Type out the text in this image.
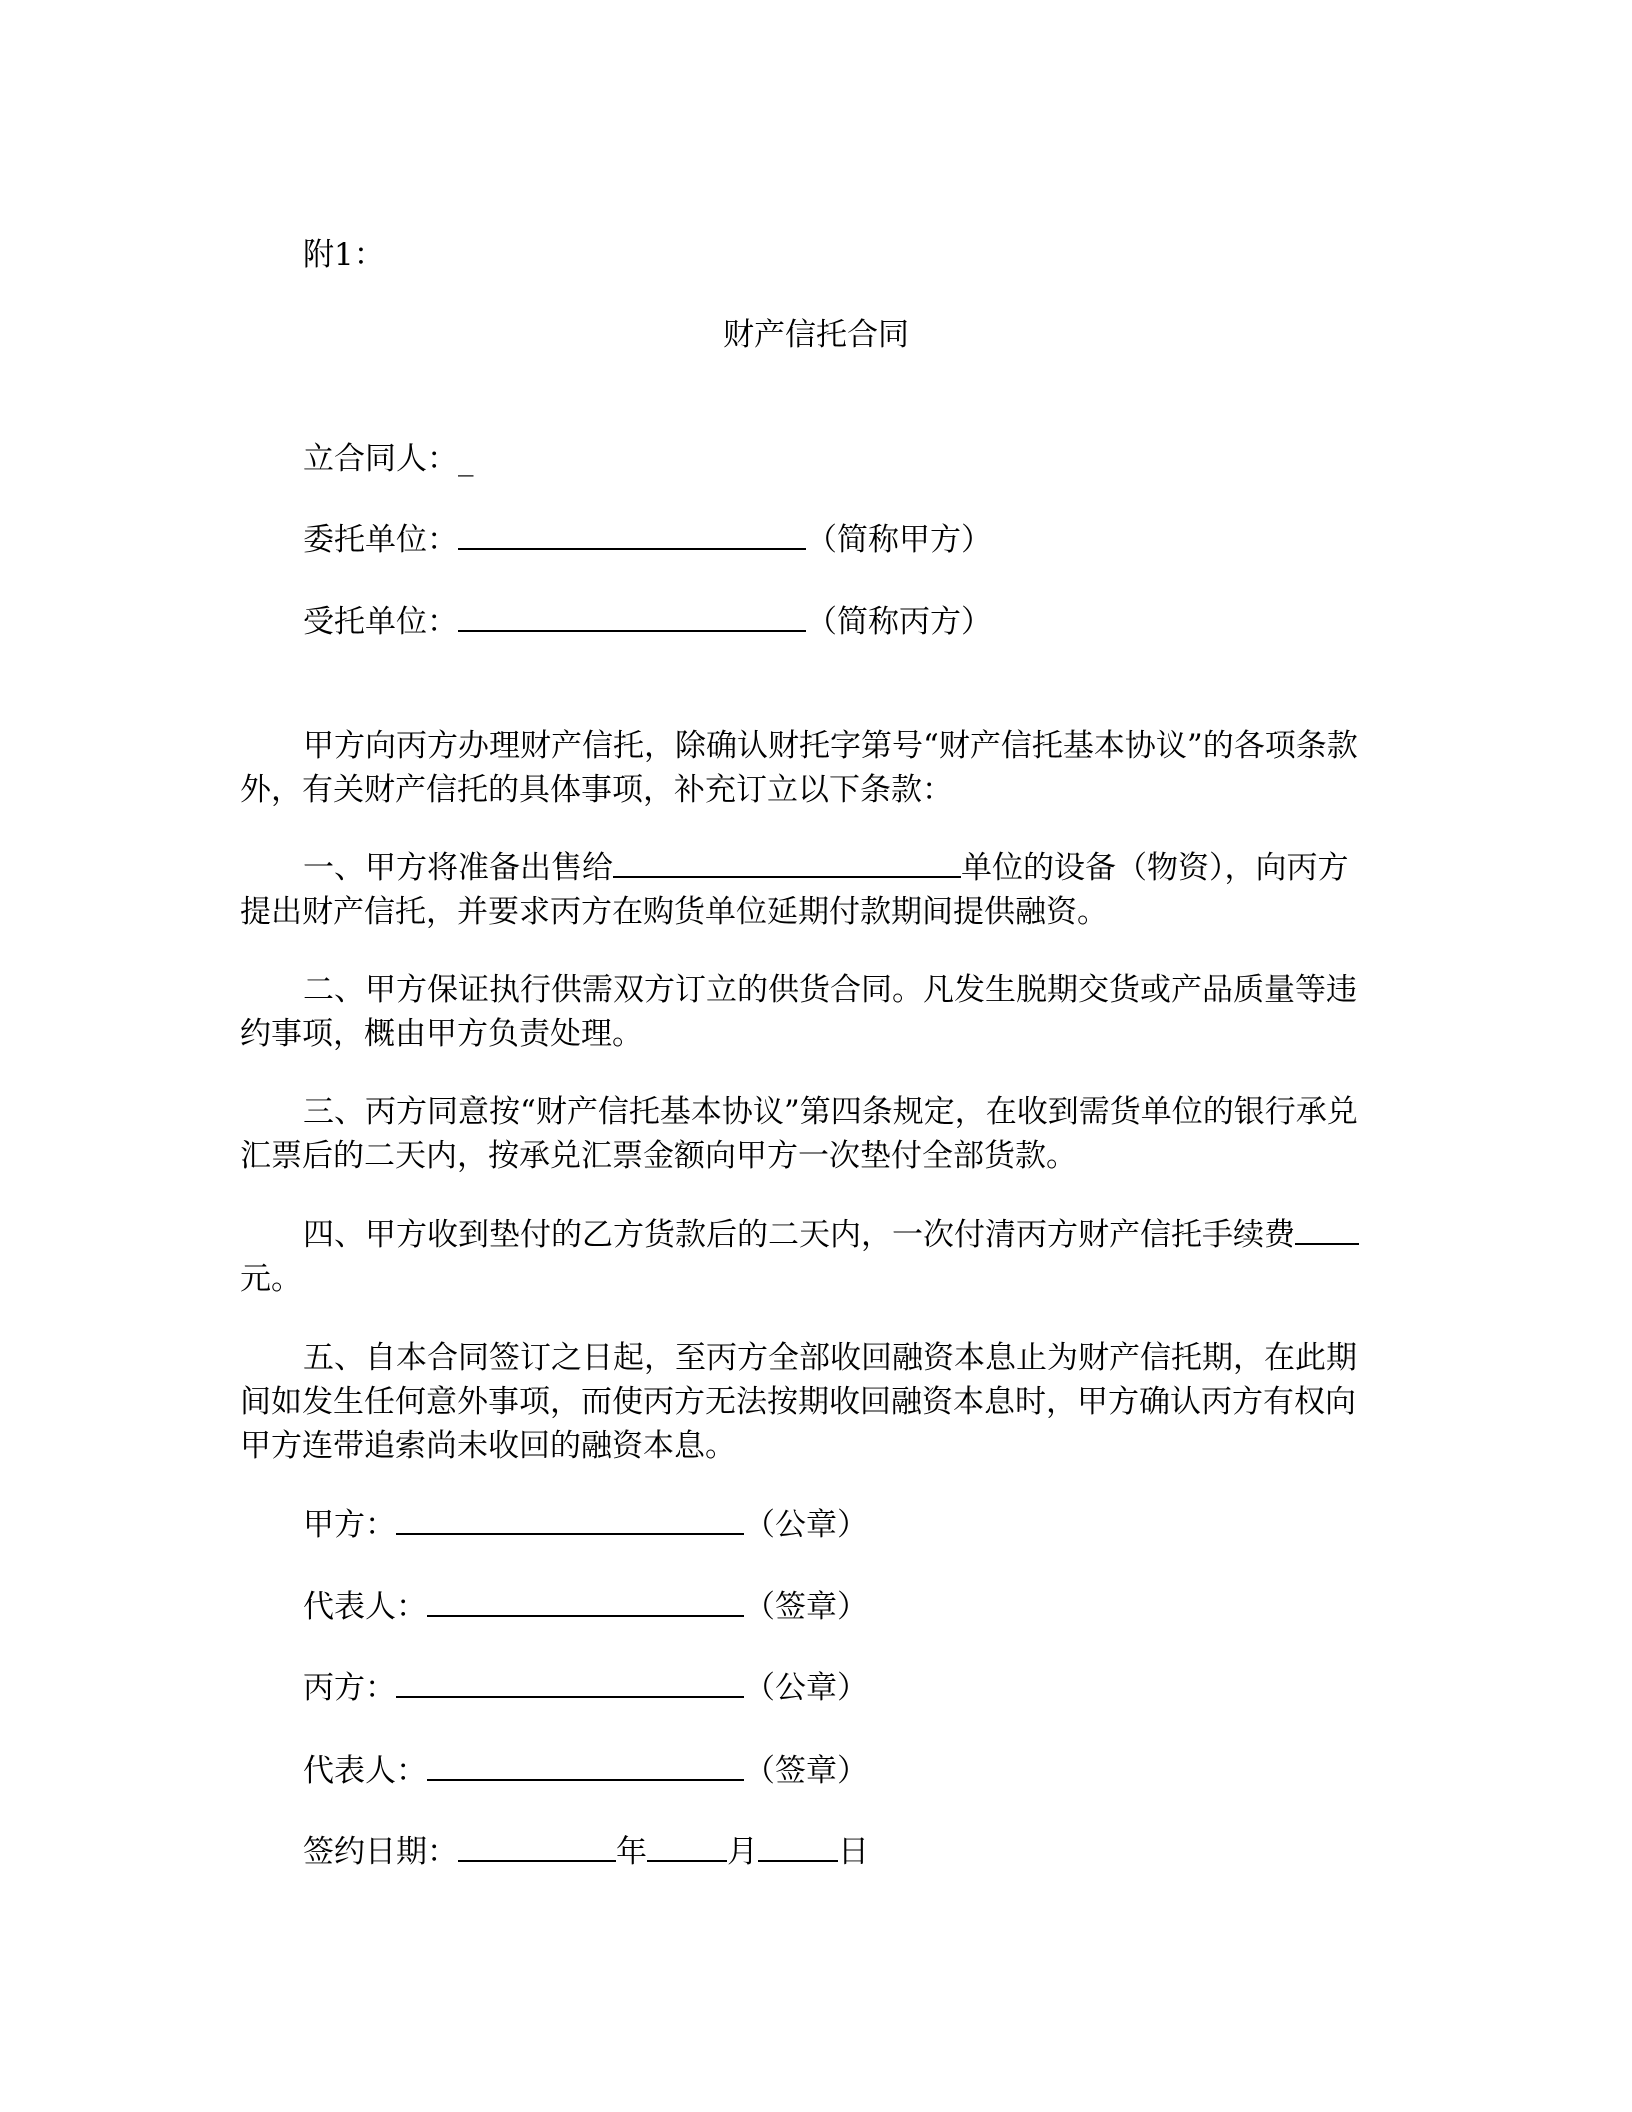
附1：
财产信托合同
立合同人：_
委托单位：	（简称甲方）
受托单位：	（简称丙方）
甲方向丙方办理财产信托，除确认财托字第号“财产信托基本协议”的各项条款
外，有关财产信托的具体事项，补充订立以下条款：
一、甲方将准备出售给	单位的设备（物资），向丙方
提出财产信托，并要求丙方在购货单位延期付款期间提供融资。
二、甲方保证执行供需双方订立的供货合同。凡发生脱期交货或产品质量等违
约事项，概由甲方负责处理。
三、丙方同意按“财产信托基本协议”第四条规定，在收到需货单位的银行承兑
汇票后的二天内，按承兑汇票金额向甲方一次垫付全部货款。
四、甲方收到垫付的乙方货款后的二天内，一次付清丙方财产信托手续费
元。
五、自本合同签订之日起，至丙方全部收回融资本息止为财产信托期，在此期
间如发生任何意外事项，而使丙方无法按期收回融资本息时，甲方确认丙方有权向
甲方连带追索尚未收回的融资本息。
甲方：	（公章）
代表人：	（签章）
丙方：	（公章）
代表人：	（签章）
签约日期：	年	月	日
